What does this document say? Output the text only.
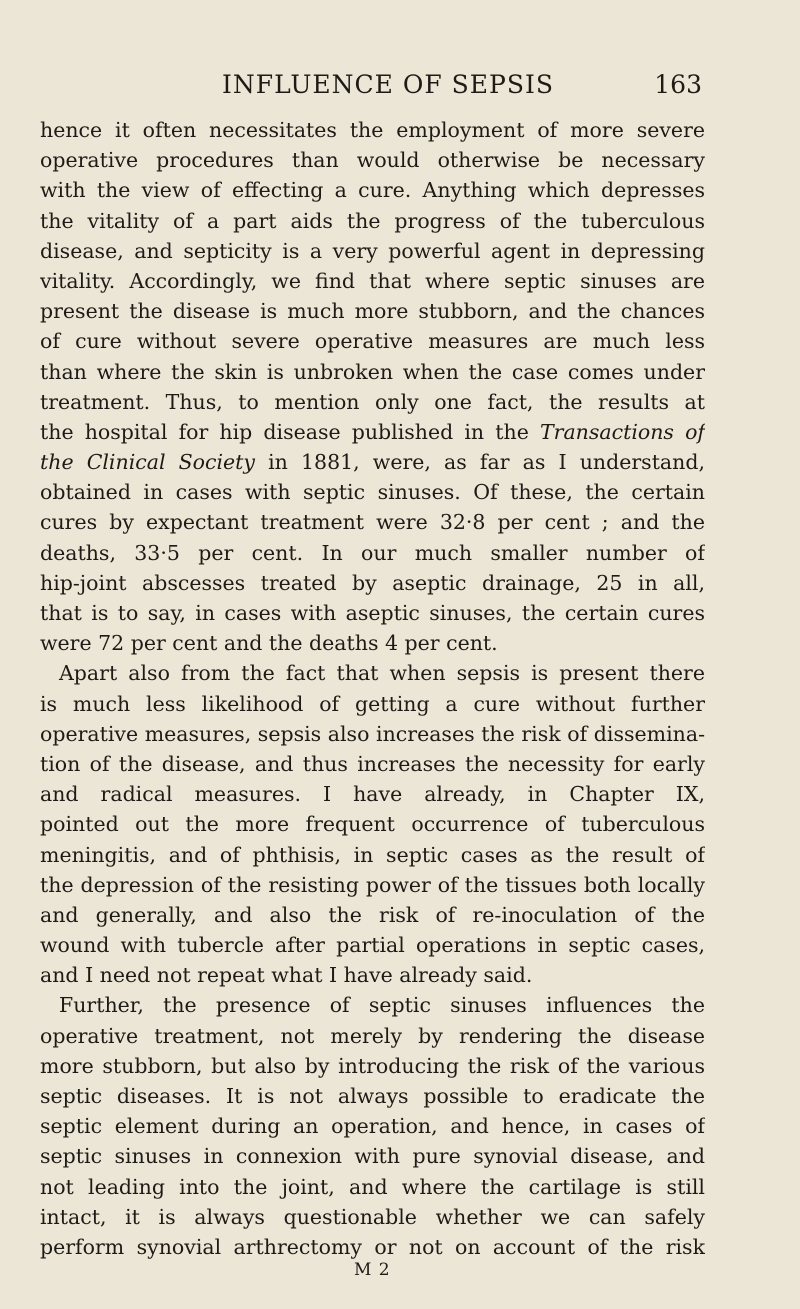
INFLUENCE OF SEPSIS	163
hence it often necessitates the employment of more severe
operative procedures than would otherwise be necessary
with the view of effecting a cure. Anything which depresses
the vitality of a part aids the progress of the tuberculous
disease, and septicity is a very powerful agent in depressing
vitality. Accordingly, we find that where septic sinuses are
present the disease is much more stubborn, and the chances
of cure without severe operative measures are much less
than where the skin is unbroken when the case comes under
treatment. Thus, to mention only one fact, the results at
the hospital for hip disease published in the Transactions of
the Clinical Society in 1881, were, as far as I understand,
obtained in cases with septic sinuses. Of these, the certain
cures by expectant treatment were 32·8 per cent ; and the
deaths, 33·5 per cent. In our much smaller number of
hip-joint abscesses treated by aseptic drainage, 25 in all,
that is to say, in cases with aseptic sinuses, the certain cures
were 72 per cent and the deaths 4 per cent.
Apart also from the fact that when sepsis is present there
is much less likelihood of getting a cure without further
operative measures, sepsis also increases the risk of dissemina-
tion of the disease, and thus increases the necessity for early
and radical measures. I have already, in Chapter IX,
pointed out the more frequent occurrence of tuberculous
meningitis, and of phthisis, in septic cases as the result of
the depression of the resisting power of the tissues both locally
and generally, and also the risk of re-inoculation of the
wound with tubercle after partial operations in septic cases,
and I need not repeat what I have already said.
Further, the presence of septic sinuses influences the
operative treatment, not merely by rendering the disease
more stubborn, but also by introducing the risk of the various
septic diseases. It is not always possible to eradicate the
septic element during an operation, and hence, in cases of
septic sinuses in connexion with pure synovial disease, and
not leading into the joint, and where the cartilage is still
intact, it is always questionable whether we can safely
perform synovial arthrectomy or not on account of the risk
M 2
